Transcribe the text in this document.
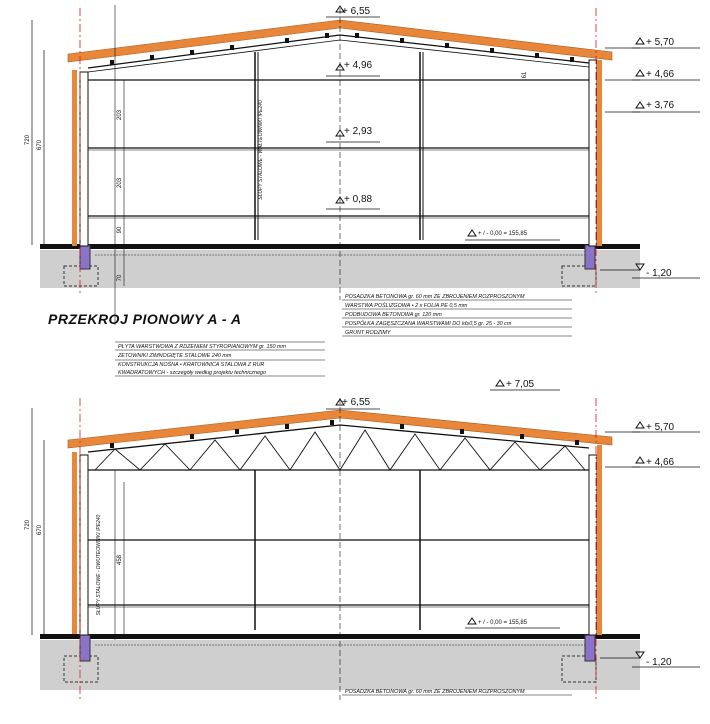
720 670
203
203
90
70
61
SŁUPY STALOWE - WAŁTEOWNIKI IPE240
+ 6,55
+ 4,96
+ 2,93
+ 0,88
+ / - 0,00 = 155,85
+ 5,70
+ 4,66
+ 3,76
- 1,20
PRZEKROJ PIONOWY A - A
POSADZKA BETONOWA gr. 60 mm ZE ZBROJENIEM ROZPROSZONYM
WARSTWA POŚLIZGOWA • 2 x FOLIA PE 0,5 mm
PODBUDOWA BETONOWA gr. 120 mm
POSPÓŁKA ZAGĘSZCZANA WARSTWAMI DO Id≥0,5 gr. 25 - 30 cm
GRUNT RODZIMY
PŁYTA WARSTWOWA Z RDZENIEM STYROPIANOWYM gr. 150 mm
ZETOWNIKI ZIMNOGIĘTE STALOWE 240 mm
KONSTRUKCJA NOŚNA • KRATOWNICA STALOWA Z RUR
KWADRATOWYCH - szczegóły według projektu technicznego
720 670
458
SŁUPY STALOWE - DWUTEOWNIKI IPE240
+ 6,55
+ 7,05
+ 5,70
+ 4,66
+ / - 0,00 = 155,85
- 1,20
POSADZKA BETONOWA gr. 60 mm ZE ZBROJENIEM ROZPROSZONYM
